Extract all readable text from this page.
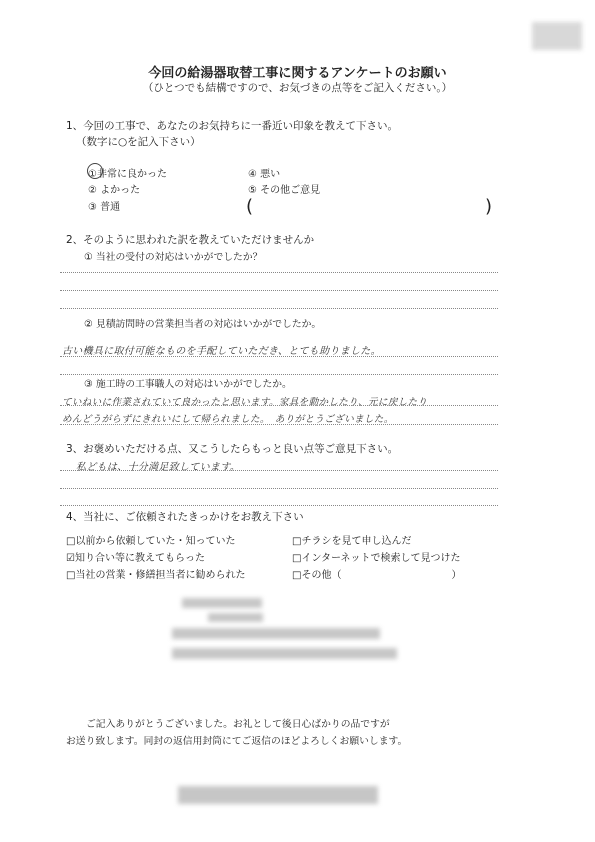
今回の給湯器取替工事に関するアンケートのお願い
（ひとつでも結構ですので、お気づきの点等をご記入ください。）
1、今回の工事で、あなたのお気持ちに一番近い印象を教えて下さい。
（数字に○を記入下さい）
①非常に良かった
② よかった
③ 普通
④ 悪い
⑤ その他ご意見
(	)
2、そのように思われた訳を教えていただけませんか
① 当社の受付の対応はいかがでしたか？
② 見積訪問時の営業担当者の対応はいかがでしたか。
古い機具に取付可能なものを手配していただき、とても助りました。
③ 施工時の工事職人の対応はいかがでしたか。
ていねいに作業されていて良かったと思います。家具を動かしたり、元に戻したり
めんどうがらずにきれいにして帰られました。　ありがとうございました。
3、お褒めいただける点、又こうしたらもっと良い点等ご意見下さい。
私どもは、十分満足致しています。
4、当社に、ご依頼されたきっかけをお教え下さい
□以前から依頼していた・知っていた
☑知り合い等に教えてもらった
□当社の営業・修繕担当者に勧められた
□チラシを見て申し込んだ
□インターネットで検索して見つけた
□その他（　　　　　　　　　　　）
ご記入ありがとうございました。お礼として後日心ばかりの品ですが
お送り致します。同封の返信用封筒にてご返信のほどよろしくお願いします。
